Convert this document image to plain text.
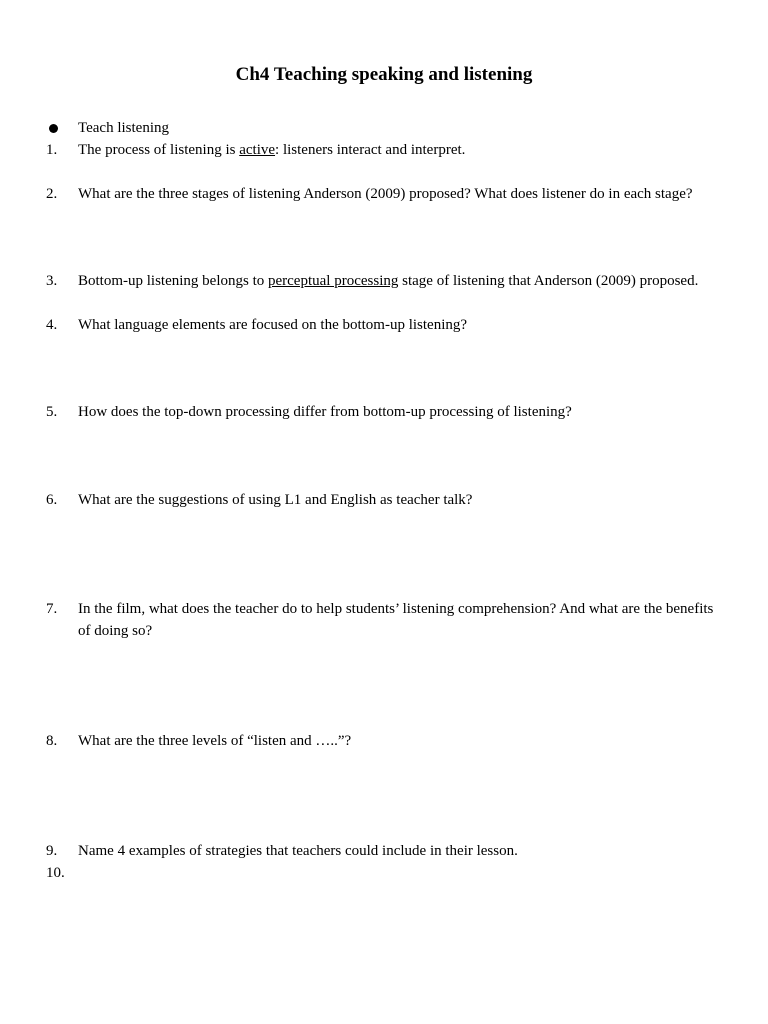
Ch4 Teaching speaking and listening
Teach listening
1. The process of listening is active: listeners interact and interpret.
2. What are the three stages of listening Anderson (2009) proposed? What does listener do in each stage?
3. Bottom-up listening belongs to perceptual processing stage of listening that Anderson (2009) proposed.
4. What language elements are focused on the bottom-up listening?
5. How does the top-down processing differ from bottom-up processing of listening?
6. What are the suggestions of using L1 and English as teacher talk?
7. In the film, what does the teacher do to help students’ listening comprehension? And what are the benefits of doing so?
8. What are the three levels of “listen and …..”?
9. Name 4 examples of strategies that teachers could include in their lesson.
10.
